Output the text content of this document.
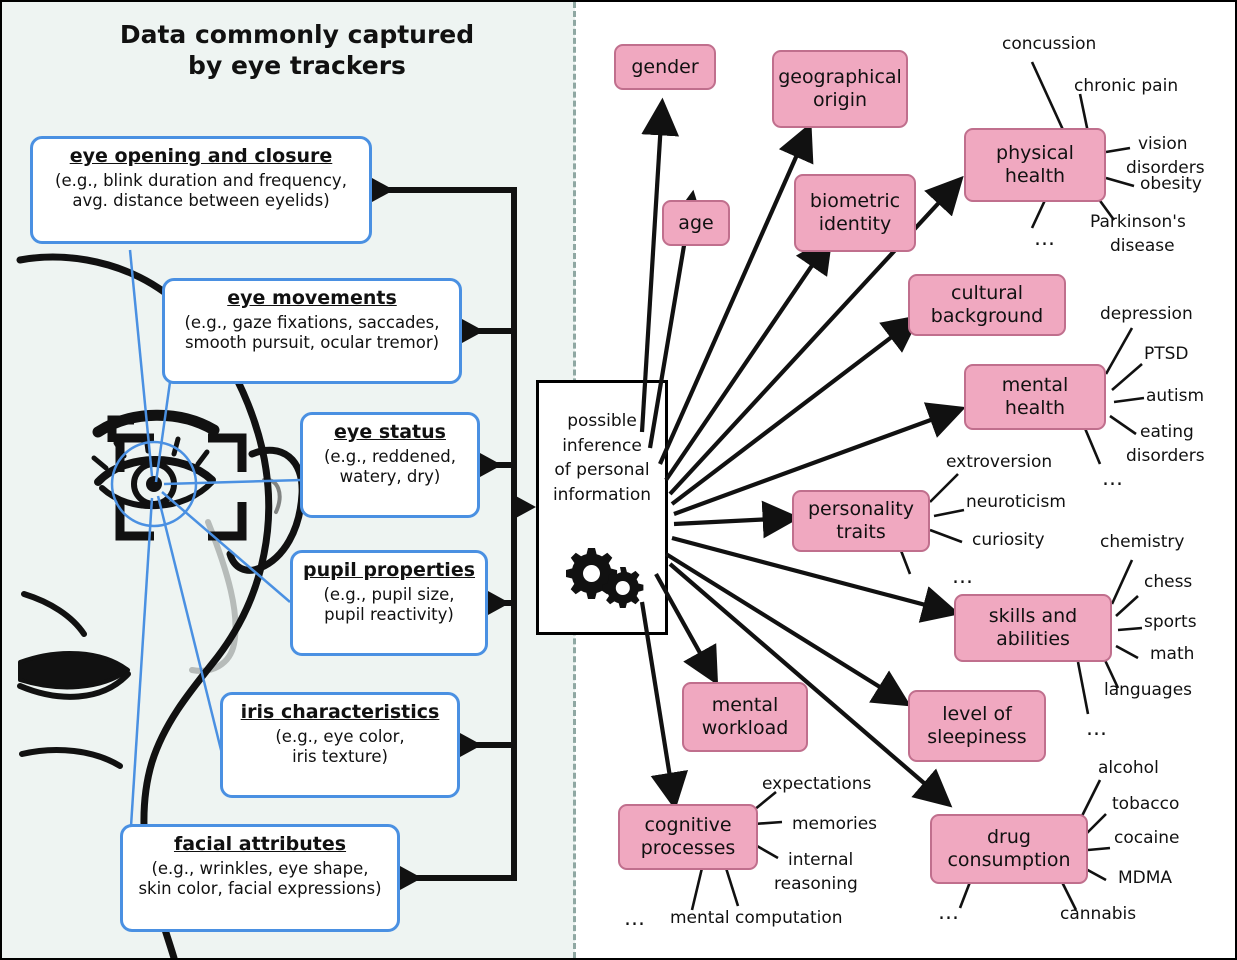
Data commonly captured
by eye trackers
eye opening and closure
(e.g., blink duration and frequency,
avg. distance between eyelids)
eye movements
(e.g., gaze fixations, saccades,
smooth pursuit, ocular tremor)
eye status
(e.g., reddened,
watery, dry)
pupil properties
(e.g., pupil size,
pupil reactivity)
iris characteristics
(e.g., eye color,
iris texture)
facial attributes
(e.g., wrinkles, eye shape,
skin color, facial expressions)
possible
inference
of personal
information
gender
age
geographical
origin
biometric
identity
physical
health
cultural
background
mental
health
personality
traits
skills and
abilities
mental
workload
level of
sleepiness
cognitive
processes	drug
consumption
concussion
chronic pain
vision
disorders
obesity
Parkinson's
disease
…
depression
PTSD
autism
eating
disorders
…
extroversion
neuroticism
curiosity
…
chemistry
chess
sports
math
languages
…
expectations
memories
internal
reasoning
mental computation
…
alcohol
tobacco
cocaine
MDMA
cannabis
…
